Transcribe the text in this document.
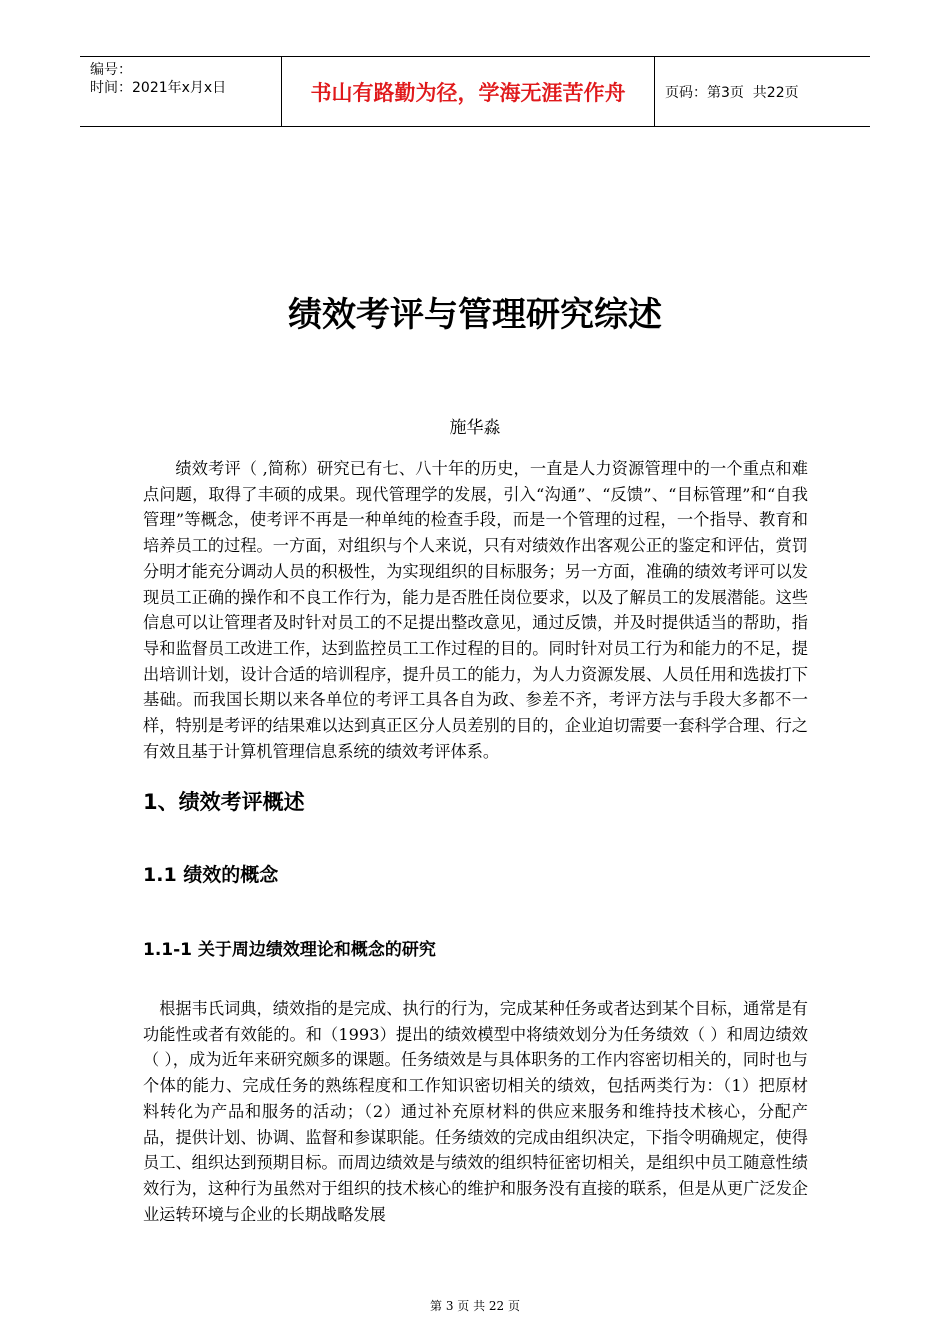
编号：
时间：2021年x月x日	书山有路勤为径，学海无涯苦作舟	页码：第3页  共22页
绩效考评与管理研究综述
施华淼

绩效考评（ ,简称）研究已有七、八十年的历史，一直是人力资源管理中的一个重点和难点问题，取得了丰硕的成果。现代管理学的发展，引入“沟通”、“反馈”、“目标管理”和“自我管理”等概念，使考评不再是一种单纯的检查手段，而是一个管理的过程，一个指导、教育和培养员工的过程。一方面，对组织与个人来说，只有对绩效作出客观公正的鉴定和评估，赏罚分明才能充分调动人员的积极性，为实现组织的目标服务；另一方面，准确的绩效考评可以发现员工正确的操作和不良工作行为，能力是否胜任岗位要求，以及了解员工的发展潜能。这些信息可以让管理者及时针对员工的不足提出整改意见，通过反馈，并及时提供适当的帮助，指导和监督员工改进工作，达到监控员工工作过程的目的。同时针对员工行为和能力的不足，提出培训计划，设计合适的培训程序，提升员工的能力，为人力资源发展、人员任用和选拔打下基础。而我国长期以来各单位的考评工具各自为政、参差不齐，考评方法与手段大多都不一样，特别是考评的结果难以达到真正区分人员差别的目的，企业迫切需要一套科学合理、行之有效且基于计算机管理信息系统的绩效考评体系。

1、绩效考评概述
1.1 绩效的概念
1.1-1 关于周边绩效理论和概念的研究

根据韦氏词典，绩效指的是完成、执行的行为，完成某种任务或者达到某个目标，通常是有功能性或者有效能的。和（1993）提出的绩效模型中将绩效划分为任务绩效（ ）和周边绩效（ ），成为近年来研究颇多的课题。任务绩效是与具体职务的工作内容密切相关的，同时也与个体的能力、完成任务的熟练程度和工作知识密切相关的绩效，包括两类行为：（1）把原材料转化为产品和服务的活动；（2）通过补充原材料的供应来服务和维持技术核心，分配产品，提供计划、协调、监督和参谋职能。任务绩效的完成由组织决定，下指令明确规定，使得员工、组织达到预期目标。而周边绩效是与绩效的组织特征密切相关，是组织中员工随意性绩效行为，这种行为虽然对于组织的技术核心的维护和服务没有直接的联系，但是从更广泛发企业运转环境与企业的长期战略发展

第 3 页 共 22 页
